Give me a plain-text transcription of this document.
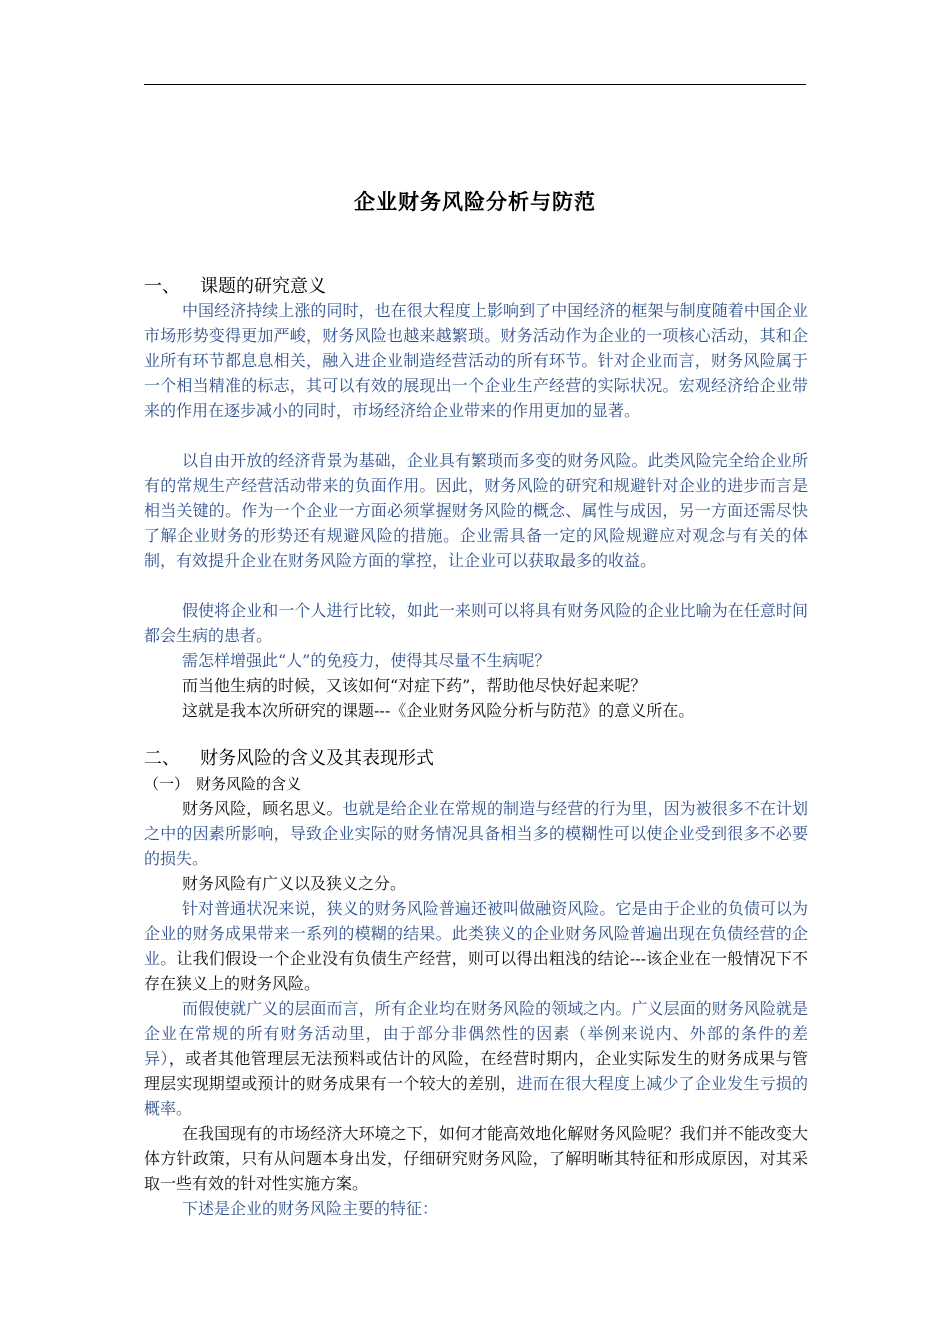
企业财务风险分析与防范
一、 课题的研究意义
中国经济持续上涨的同时，也在很大程度上影响到了中国经济的框架与制度随着中国企业市场形势变得更加严峻，财务风险也越来越繁琐。财务活动作为企业的一项核心活动，其和企业所有环节都息息相关，融入进企业制造经营活动的所有环节。针对企业而言，财务风险属于一个相当精准的标志，其可以有效的展现出一个企业生产经营的实际状况。宏观经济给企业带来的作用在逐步减小的同时，市场经济给企业带来的作用更加的显著。
以自由开放的经济背景为基础，企业具有繁琐而多变的财务风险。此类风险完全给企业所有的常规生产经营活动带来的负面作用。因此，财务风险的研究和规避针对企业的进步而言是相当关键的。作为一个企业一方面必须掌握财务风险的概念、属性与成因，另一方面还需尽快了解企业财务的形势还有规避风险的措施。企业需具备一定的风险规避应对观念与有关的体制，有效提升企业在财务风险方面的掌控，让企业可以获取最多的收益。
假使将企业和一个人进行比较，如此一来则可以将具有财务风险的企业比喻为在任意时间都会生病的患者。
需怎样增强此“人”的免疫力，使得其尽量不生病呢？
而当他生病的时候，又该如何“对症下药”，帮助他尽快好起来呢？
这就是我本次所研究的课题---《企业财务风险分析与防范》的意义所在。
二、 财务风险的含义及其表现形式
（一） 财务风险的含义
财务风险，顾名思义。也就是给企业在常规的制造与经营的行为里，因为被很多不在计划之中的因素所影响，导致企业实际的财务情况具备相当多的模糊性可以使企业受到很多不必要的损失。
财务风险有广义以及狭义之分。
针对普通状况来说，狭义的财务风险普遍还被叫做融资风险。它是由于企业的负债可以为企业的财务成果带来一系列的模糊的结果。此类狭义的企业财务风险普遍出现在负债经营的企业。让我们假设一个企业没有负债生产经营，则可以得出粗浅的结论---该企业在一般情况下不存在狭义上的财务风险。
而假使就广义的层面而言，所有企业均在财务风险的领域之内。广义层面的财务风险就是企业在常规的所有财务活动里，由于部分非偶然性的因素（举例来说内、外部的条件的差异），或者其他管理层无法预料或估计的风险，在经营时期内，企业实际发生的财务成果与管理层实现期望或预计的财务成果有一个较大的差别，进而在很大程度上减少了企业发生亏损的概率。
在我国现有的市场经济大环境之下，如何才能高效地化解财务风险呢？我们并不能改变大体方针政策，只有从问题本身出发，仔细研究财务风险，了解明晰其特征和形成原因，对其采取一些有效的针对性实施方案。
下述是企业的财务风险主要的特征：
